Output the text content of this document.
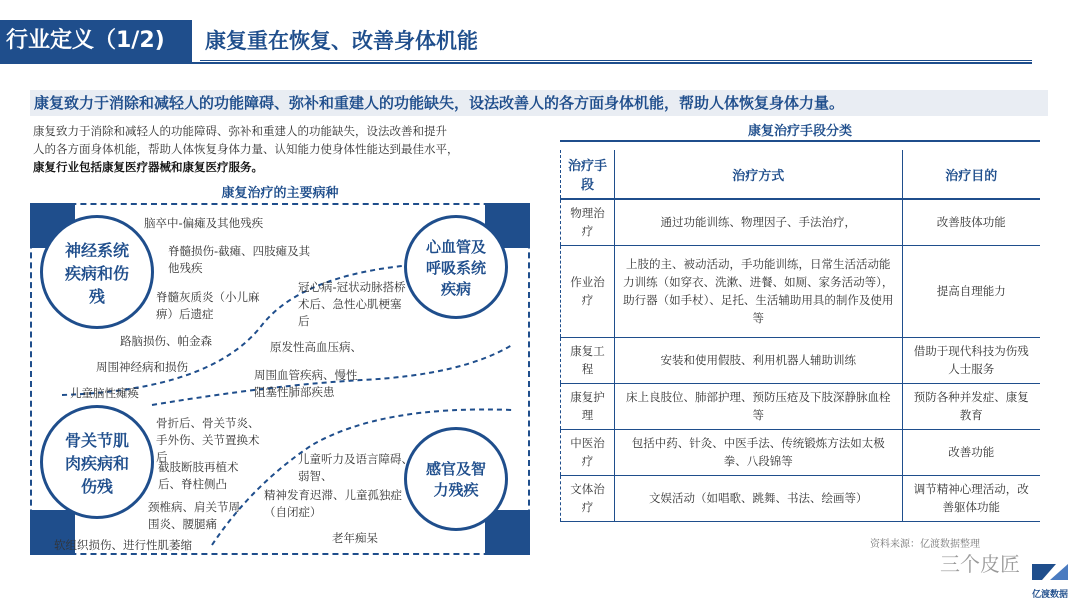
行业定义（1/2)	康复重在恢复、改善身体机能
康复致力于消除和减轻人的功能障碍、弥补和重建人的功能缺失，设法改善人的各方面身体机能，帮助人体恢复身体力量。
康复致力于消除和减轻人的功能障碍、弥补和重建人的功能缺失，设法改善和提升
人的各方面身体机能，帮助人体恢复身体力量、认知能力使身体性能达到最佳水平，
康复行业包括康复医疗器械和康复医疗服务。
康复治疗的主要病种
神经系统疾病和伤残
心血管及呼吸系统疾病
骨关节肌肉疾病和伤残
感官及智力残疾
脑卒中-偏瘫及其他残疾
脊髓损伤-截瘫、四肢瘫及其他残疾
脊髓灰质炎（小儿麻痹）后遗症
路脑损伤、帕金森
周围神经病和损伤
儿童脑性瘫痪
冠心病-冠状动脉搭桥术后、急性心肌梗塞后
原发性高血压病、
周围血管疾病、慢性阻塞性肺部疾患
骨折后、骨关节炎、手外伤、关节置换术后
截肢断肢再植术后、脊柱侧凸
颈椎病、肩关节周围炎、腰腿痛
软组织损伤、进行性肌萎缩
儿童听力及语言障碍、弱智、
精神发育迟滞、儿童孤独症（自闭症）
老年痴呆
康复治疗手段分类
治疗手段	治疗方式	治疗目的
物理治疗	通过功能训练、物理因子、手法治疗，	改善肢体功能
作业治疗	上肢的主、被动活动，手功能训练，日常生活活动能力训练（如穿衣、洗漱、进餐、如厕、家务活动等），助行器（如手杖）、足托、生活辅助用具的制作及使用等	提高自理能力
康复工程	安装和使用假肢、利用机器人辅助训练	借助于现代科技为伤残人士服务
康复护理	床上良肢位、肺部护理、预防压疮及下肢深静脉血栓等	预防各种并发症、康复教育
中医治疗	包括中药、针灸、中医手法、传统锻炼方法如太极拳、八段锦等	改善功能
文体治疗	文娱活动（如唱歌、跳舞、书法、绘画等）	调节精神心理活动，改善躯体功能
资料来源：亿渡数据整理
三个皮匠
亿渡数据
